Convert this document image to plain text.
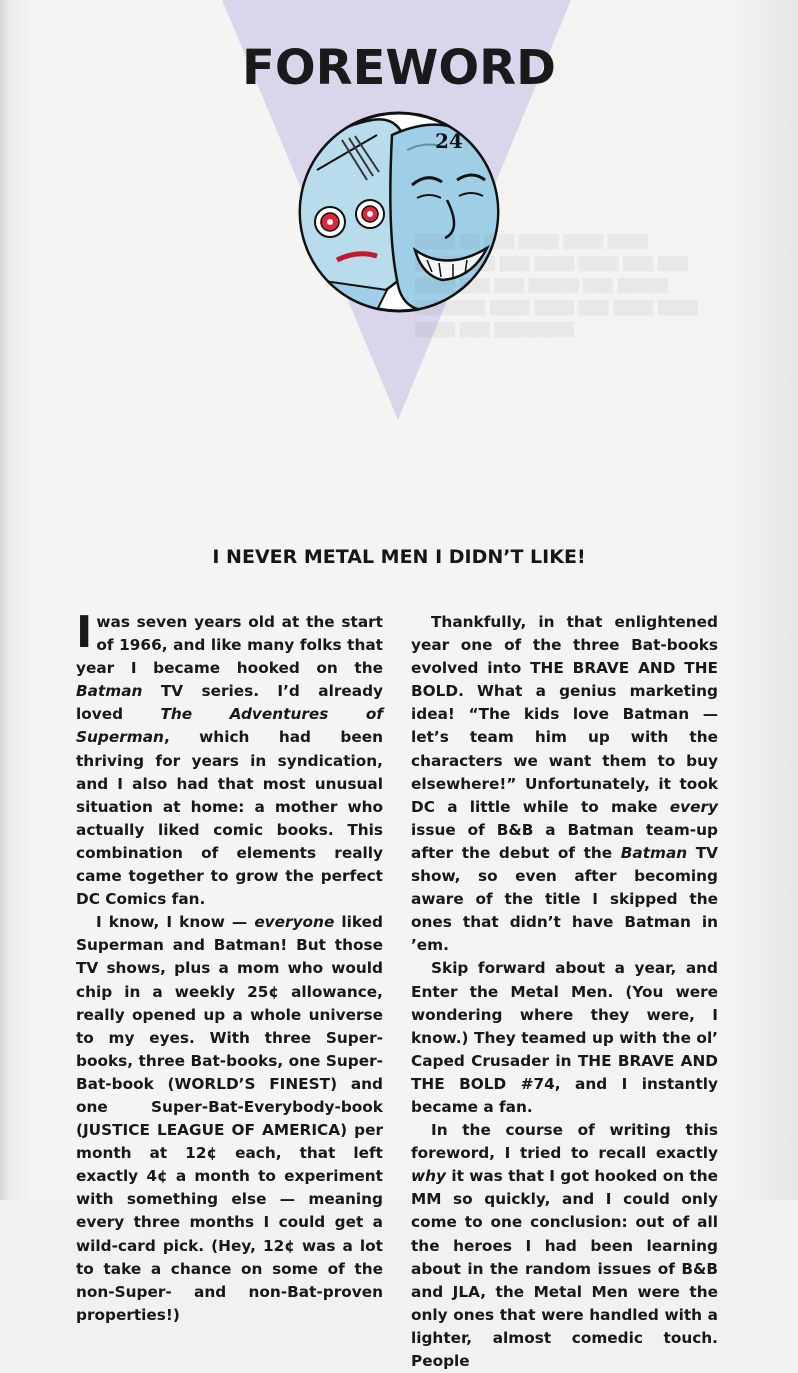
FOREWORD
24
I NEVER METAL MEN I DIDN’T LIKE!

I was seven years old at the start of 1966, and like many folks that year I became hooked on the Batman TV series. I’d already loved The Adventures of Superman, which had been thriving for years in syndication, and I also had that most unusual situation at home: a mother who actually liked comic books. This combination of elements really came together to grow the perfect DC Comics fan.

I know, I know — everyone liked Superman and Batman! But those TV shows, plus a mom who would chip in a weekly 25¢ allowance, really opened up a whole universe to my eyes. With three Super-books, three Bat-books, one Super-Bat-book (WORLD’S FINEST) and one Super-Bat-Everybody-book (JUSTICE LEAGUE OF AMERICA) per month at 12¢ each, that left exactly 4¢ a month to experiment with something else — meaning every three months I could get a wild-card pick. (Hey, 12¢ was a lot to take a chance on some of the non-Super- and non-Bat-proven properties!)

Thankfully, in that enlightened year one of the three Bat-books evolved into THE BRAVE AND THE BOLD. What a genius marketing idea! “The kids love Batman — let’s team him up with the characters we want them to buy elsewhere!” Unfortunately, it took DC a little while to make every issue of B&B a Batman team-up after the debut of the Batman TV show, so even after becoming aware of the title I skipped the ones that didn’t have Batman in ’em.

Skip forward about a year, and Enter the Metal Men. (You were wondering where they were, I know.) They teamed up with the ol’ Caped Crusader in THE BRAVE AND THE BOLD #74, and I instantly became a fan.

In the course of writing this foreword, I tried to recall exactly why it was that I got hooked on the MM so quickly, and I could only come to one conclusion: out of all the heroes I had been learning about in the random issues of B&B and JLA, the Metal Men were the only ones that were handled with a lighter, almost comedic touch. People
